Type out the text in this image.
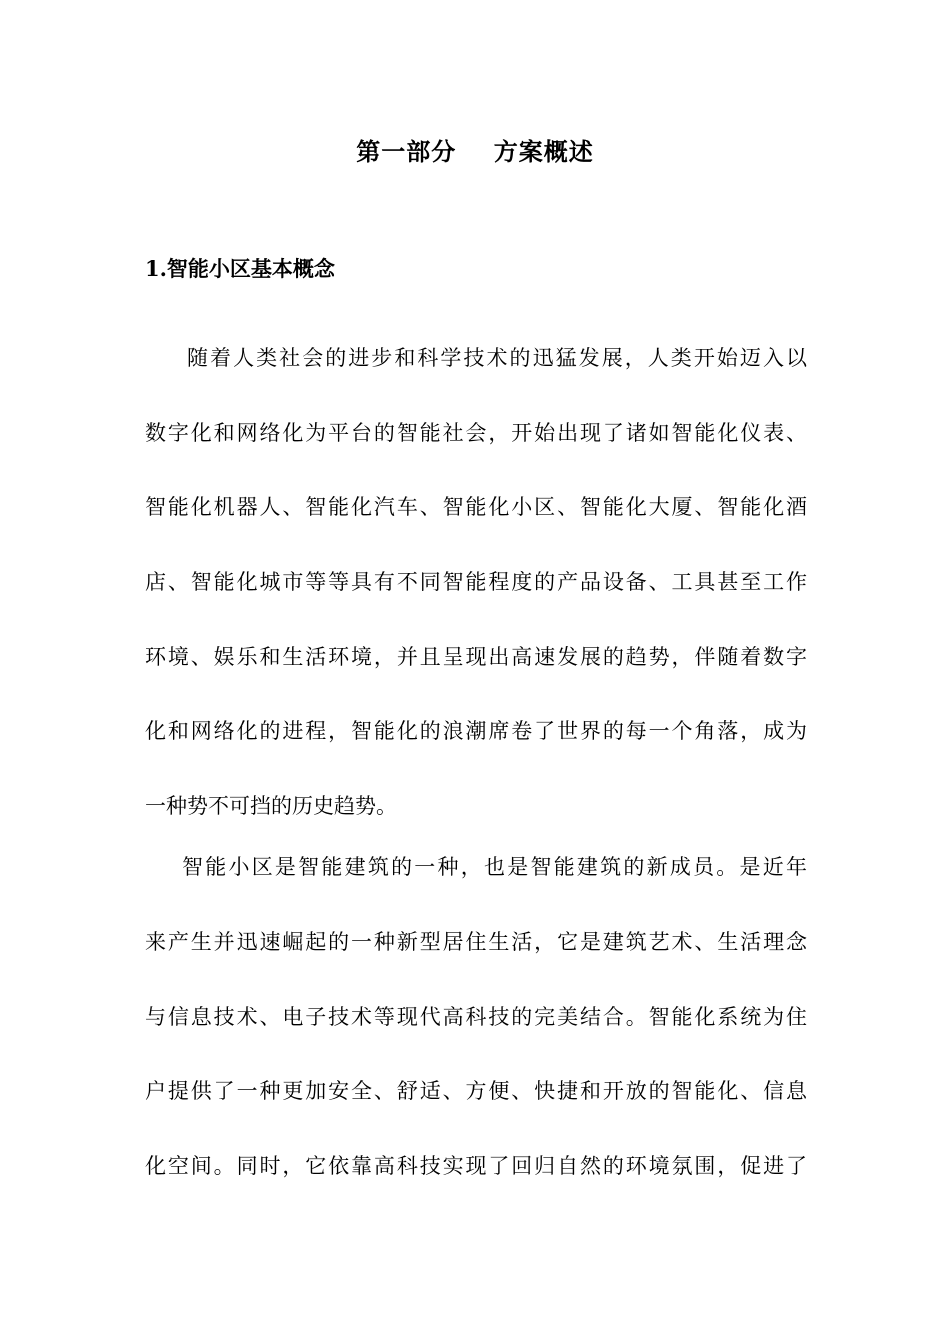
第一部分    方案概述
1.智能小区基本概念
随着人类社会的进步和科学技术的迅猛发展，人类开始迈入以
数字化和网络化为平台的智能社会，开始出现了诸如智能化仪表、
智能化机器人、智能化汽车、智能化小区、智能化大厦、智能化酒
店、智能化城市等等具有不同智能程度的产品设备、工具甚至工作
环境、娱乐和生活环境，并且呈现出高速发展的趋势，伴随着数字
化和网络化的进程，智能化的浪潮席卷了世界的每一个角落，成为
一种势不可挡的历史趋势。
智能小区是智能建筑的一种，也是智能建筑的新成员。是近年
来产生并迅速崛起的一种新型居住生活，它是建筑艺术、生活理念
与信息技术、电子技术等现代高科技的完美结合。智能化系统为住
户提供了一种更加安全、舒适、方便、快捷和开放的智能化、信息
化空间。同时，它依靠高科技实现了回归自然的环境氛围，促进了
